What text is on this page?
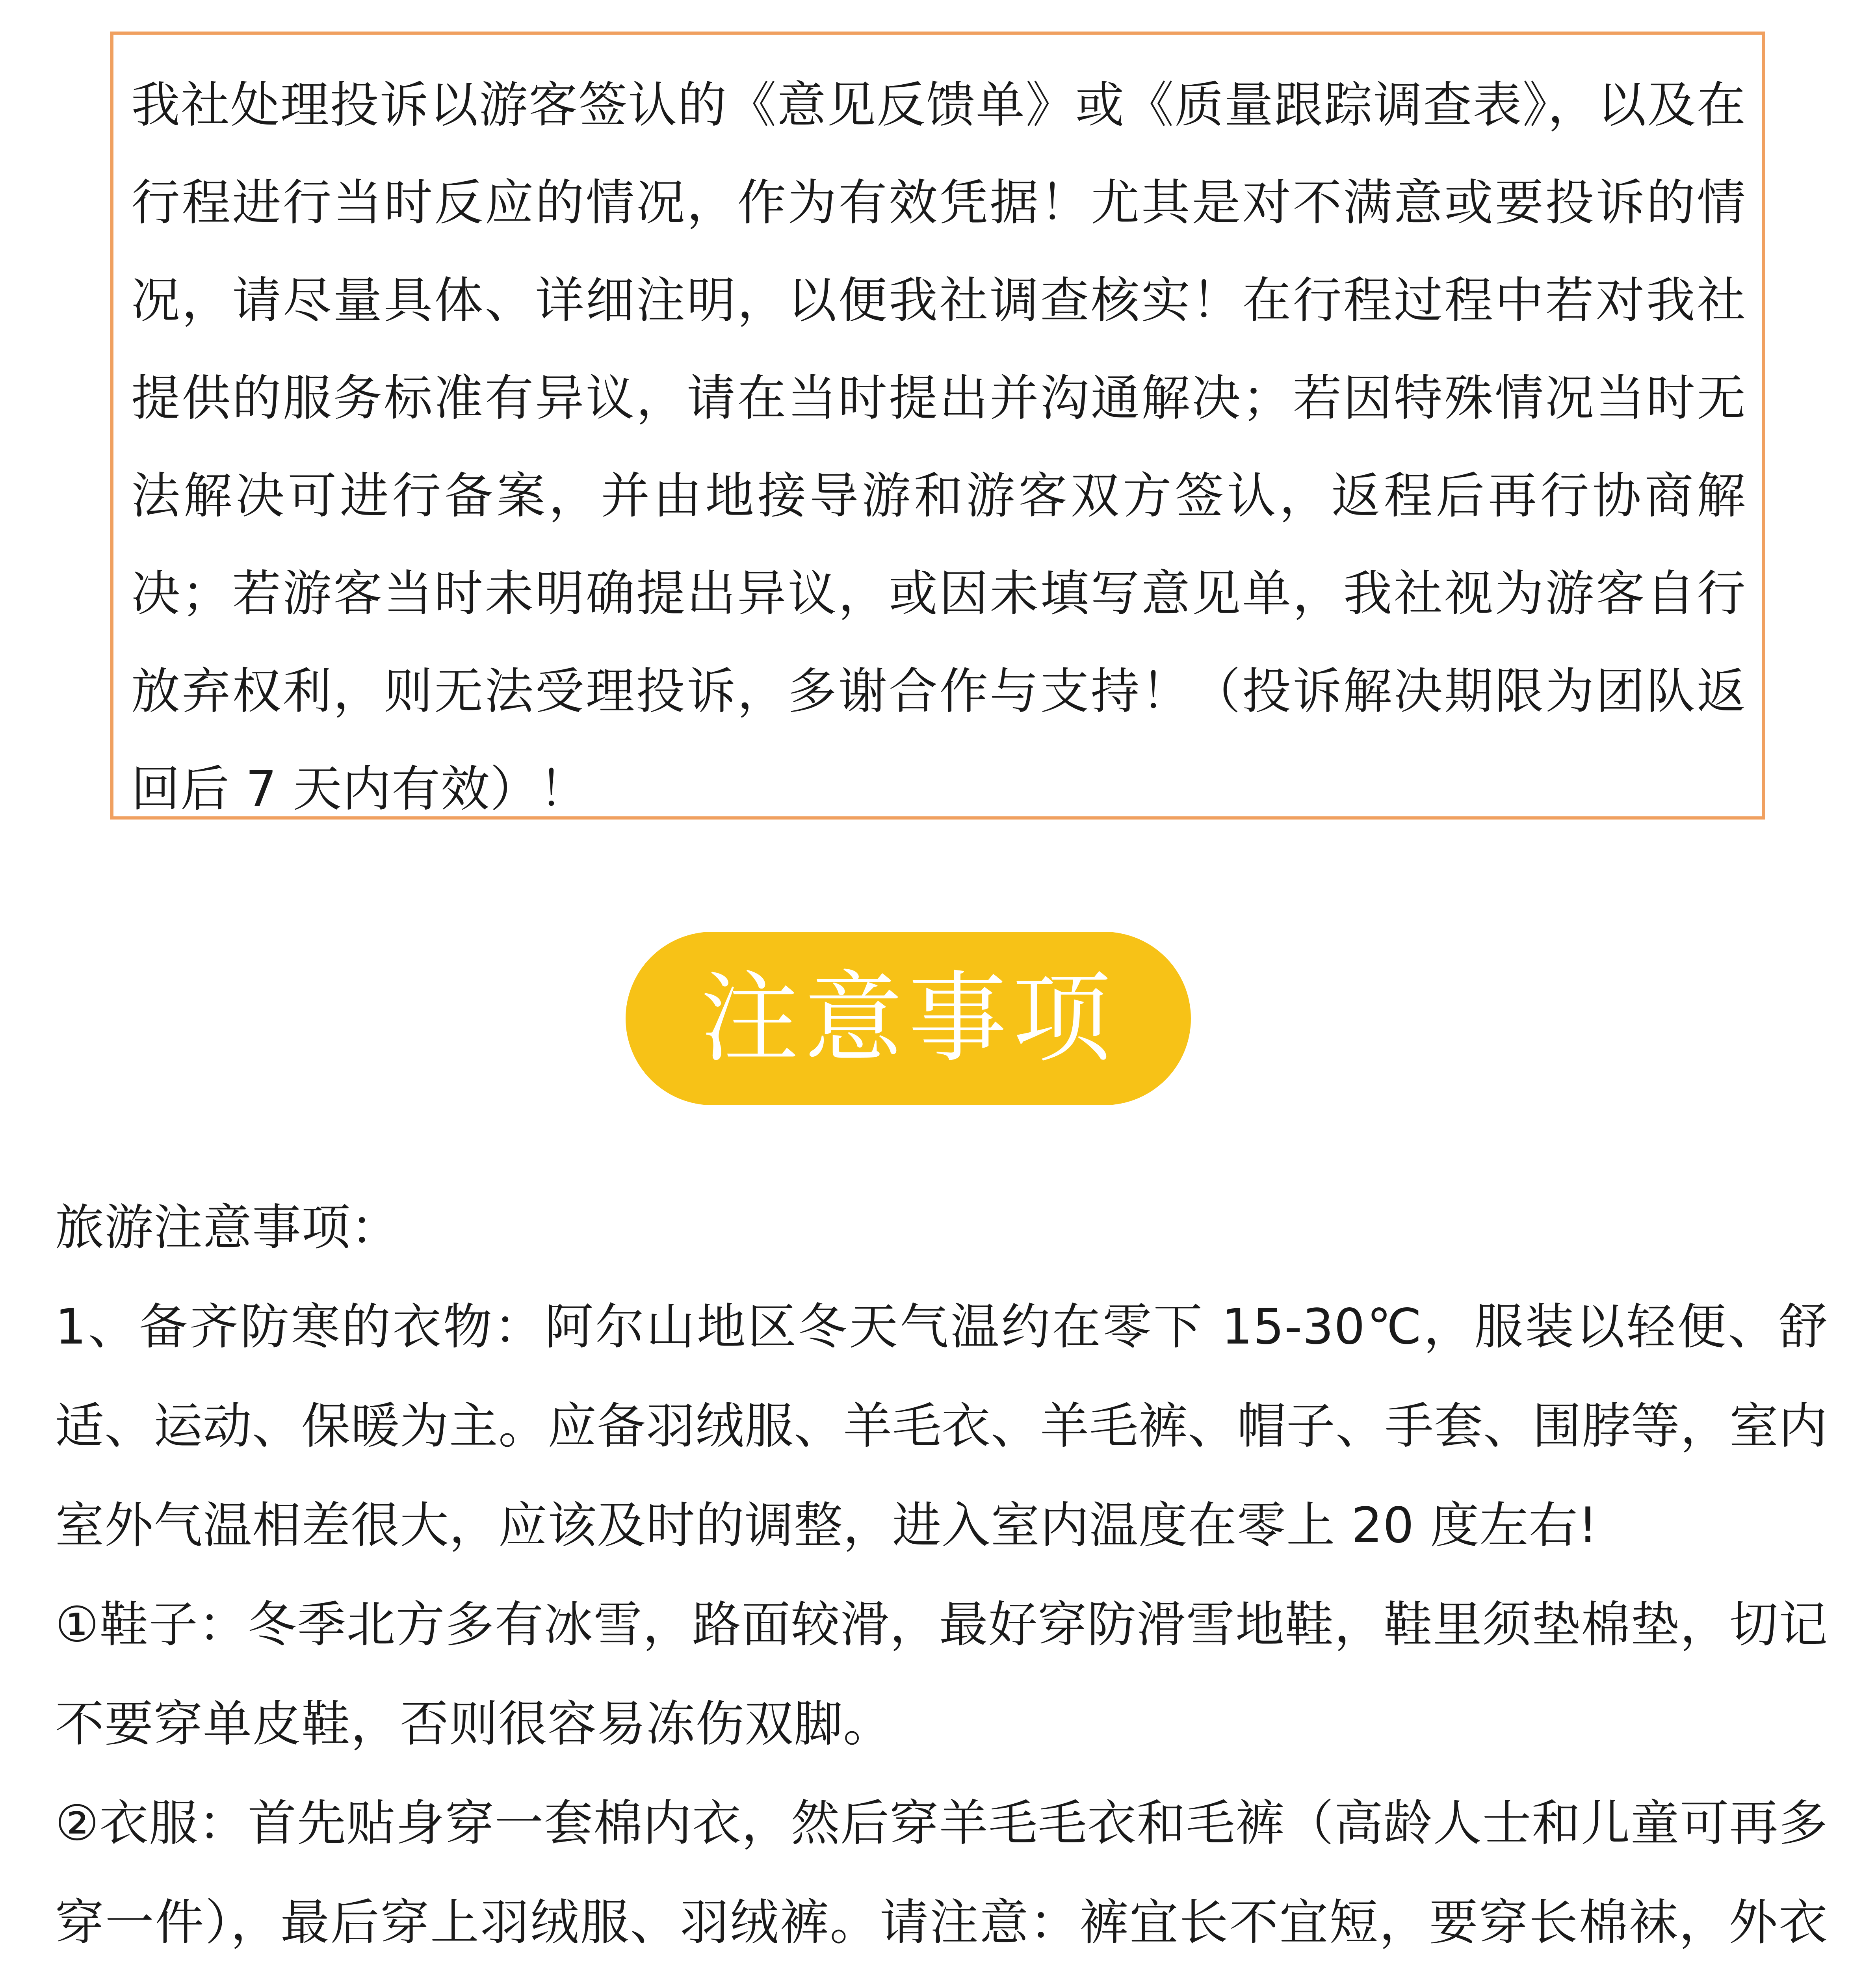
我社处理投诉以游客签认的《意见反馈单》或《质量跟踪调查表》，以及在行程进行当时反应的情况，作为有效凭据！尤其是对不满意或要投诉的情况，请尽量具体、详细注明，以便我社调查核实！在行程过程中若对我社提供的服务标准有异议，请在当时提出并沟通解决；若因特殊情况当时无法解决可进行备案，并由地接导游和游客双方签认，返程后再行协商解决；若游客当时未明确提出异议，或因未填写意见单，我社视为游客自行放弃权利，则无法受理投诉，多谢合作与支持！（投诉解决期限为团队返回后 7 天内有效）！

注意事项

旅游注意事项：

1、备齐防寒的衣物：阿尔山地区冬天气温约在零下 15-30℃，服装以轻便、舒适、运动、保暖为主。应备羽绒服、羊毛衣、羊毛裤、帽子、手套、围脖等，室内室外气温相差很大，应该及时的调整，进入室内温度在零上 20 度左右!

①鞋子：冬季北方多有冰雪，路面较滑，最好穿防滑雪地鞋，鞋里须垫棉垫，切记不要穿单皮鞋，否则很容易冻伤双脚。

②衣服：首先贴身穿一套棉内衣，然后穿羊毛毛衣和毛裤（高龄人士和儿童可再多穿一件），最后穿上羽绒服、羽绒裤。请注意：裤宜长不宜短，要穿长棉袜，外衣
